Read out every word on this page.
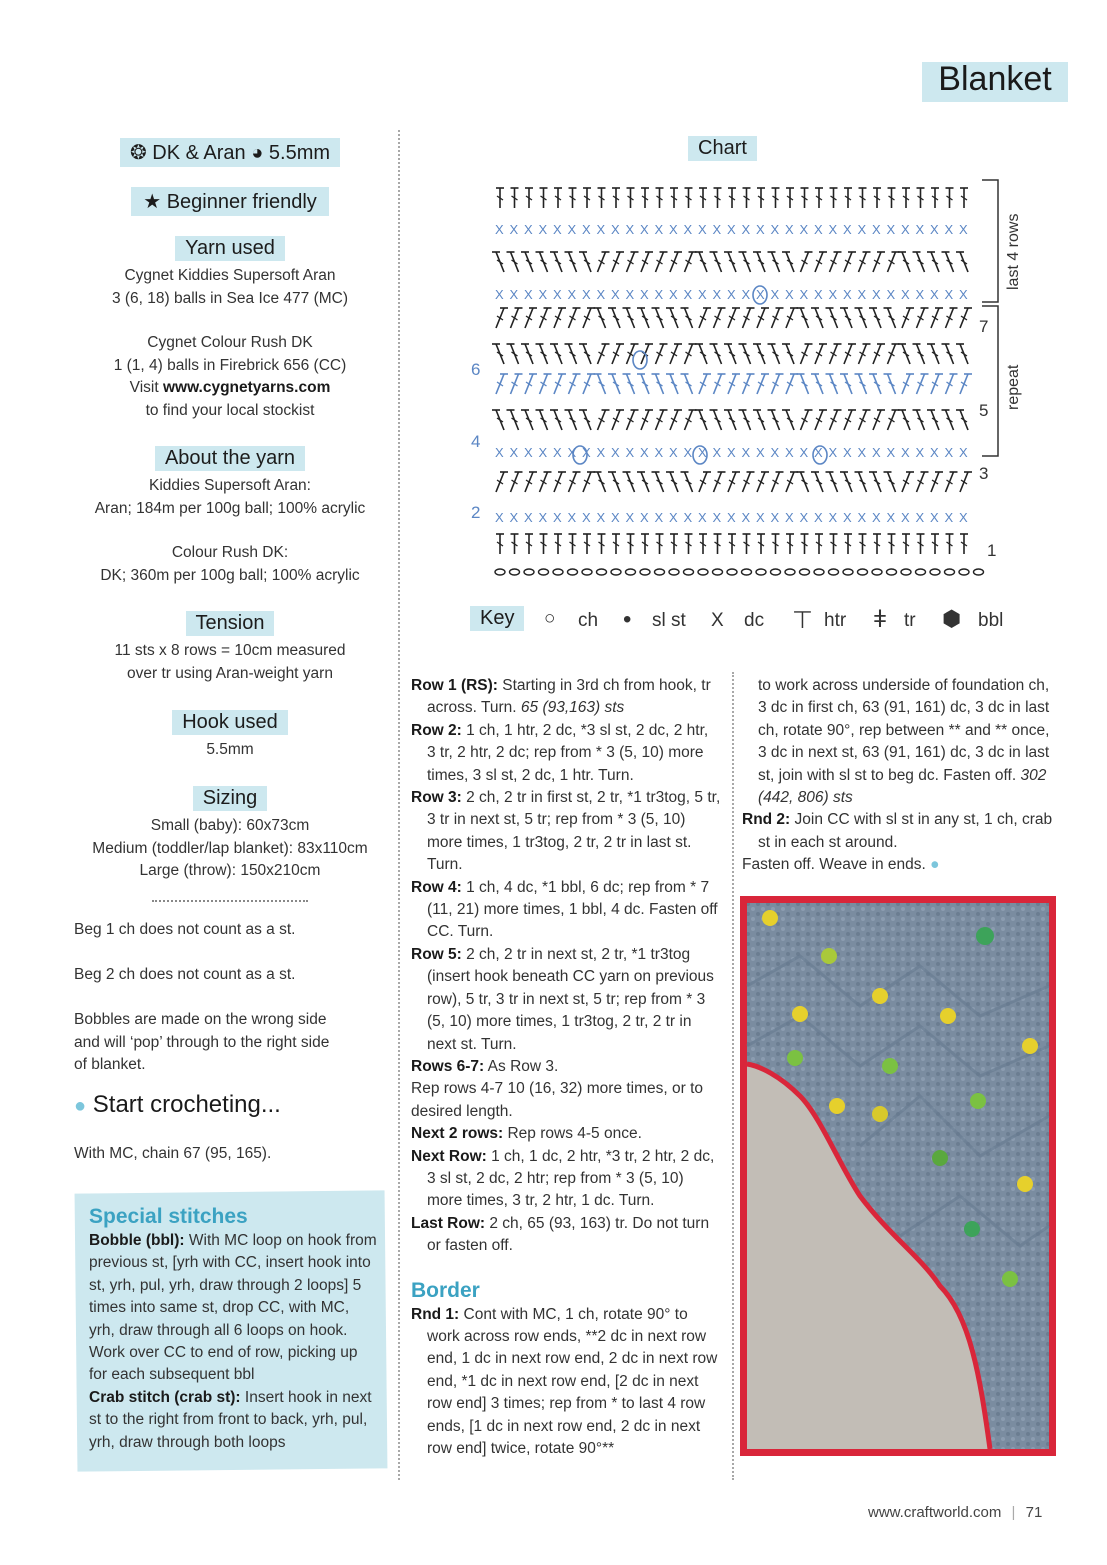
Blanket
❂ DK & Aran ◕ 5.5mm
★ Beginner friendly
Yarn used
Cygnet Kiddies Supersoft Aran
3 (6, 18) balls in Sea Ice 477 (MC)
Cygnet Colour Rush DK
1 (1, 4) balls in Firebrick 656 (CC)
Visit www.cygnetyarns.com
to find your local stockist
About the yarn
Kiddies Supersoft Aran:
Aran; 184m per 100g ball; 100% acrylic
Colour Rush DK:
DK; 360m per 100g ball; 100% acrylic
Tension
11 sts x 8 rows = 10cm measured
over tr using Aran-weight yarn
Hook used
5.5mm
Sizing
Small (baby): 60x73cm
Medium (toddler/lap blanket): 83x110cm
Large (throw): 150x210cm
Beg 1 ch does not count as a st.
Beg 2 ch does not count as a st.
Bobbles are made on the wrong side
and will ‘pop’ through to the right side
of blanket.
● Start crocheting...
With MC, chain 67 (95, 165).
Special stitches

Bobble (bbl): With MC loop on hook from previous st, [yrh with CC, insert hook into st, yrh, pul, yrh, draw through 2 loops] 5 times into same st, drop CC, with MC, yrh, draw through all 6 loops on hook. Work over CC to end of row, picking up for each subsequent bbl

Crab stitch (crab st): Insert hook in next st to the right from front to back, yrh, pul, yrh, draw through both loops

Chart
X X X X X X X X X X X X X X X X X X X X X X X X X X X X X X X X X
X X X X X X X X X X X X X X X X X X X X X X X X X X X X X X X X X
X X X X X X X X X X X X X X X X X X X X X X X X X X X X X X X X X
X X X X X X X X X X X X X X X X X X X X X X X X X X X X X X X X X
1
3
5
7
2
4
6	repeat
last 4 rows
Key	○ ch • sl st X dc ⊤ htr ǂ tr ⬢ bbl

Row 1 (RS): Starting in 3rd ch from hook, tr across. Turn. 65 (93,163) sts

Row 2: 1 ch, 1 htr, 2 dc, *3 sl st, 2 dc, 2 htr, 3 tr, 2 htr, 2 dc; rep from * 3 (5, 10) more times, 3 sl st, 2 dc, 1 htr. Turn.

Row 3: 2 ch, 2 tr in first st, 2 tr, *1 tr3tog, 5 tr, 3 tr in next st, 5 tr; rep from * 3 (5, 10) more times, 1 tr3tog, 2 tr, 2 tr in last st. Turn.

Row 4: 1 ch, 4 dc, *1 bbl, 6 dc; rep from * 7 (11, 21) more times, 1 bbl, 4 dc. Fasten off CC. Turn.

Row 5: 2 ch, 2 tr in next st, 2 tr, *1 tr3tog (insert hook beneath CC yarn on previous row), 5 tr, 3 tr in next st, 5 tr; rep from * 3 (5, 10) more times, 1 tr3tog, 2 tr, 2 tr in next st. Turn.

Rows 6-7: As Row 3.

Rep rows 4-7 10 (16, 32) more times, or to desired length.

Next 2 rows: Rep rows 4-5 once.

Next Row: 1 ch, 1 dc, 2 htr, *3 tr, 2 htr, 2 dc, 3 sl st, 2 dc, 2 htr; rep from * 3 (5, 10) more times, 3 tr, 2 htr, 1 dc. Turn.

Last Row: 2 ch, 65 (93, 163) tr. Do not turn or fasten off.

Border

Rnd 1: Cont with MC, 1 ch, rotate 90° to work across row ends, **2 dc in next row end, 1 dc in next row end, 2 dc in next row end, *1 dc in next row end, [2 dc in next row end] 3 times; rep from * to last 4 row ends, [1 dc in next row end, 2 dc in next row end] twice, rotate 90°**

to work across underside of foundation ch, 3 dc in first ch, 63 (91, 161) dc, 3 dc in last ch, rotate 90°, rep between ** and ** once, 3 dc in next st, 63 (91, 161) dc, 3 dc in last st, join with sl st to beg dc. Fasten off. 302 (442, 806) sts

Rnd 2: Join CC with sl st in any st, 1 ch, crab st in each st around.

Fasten off. Weave in ends. ●

www.craftworld.com | 71
